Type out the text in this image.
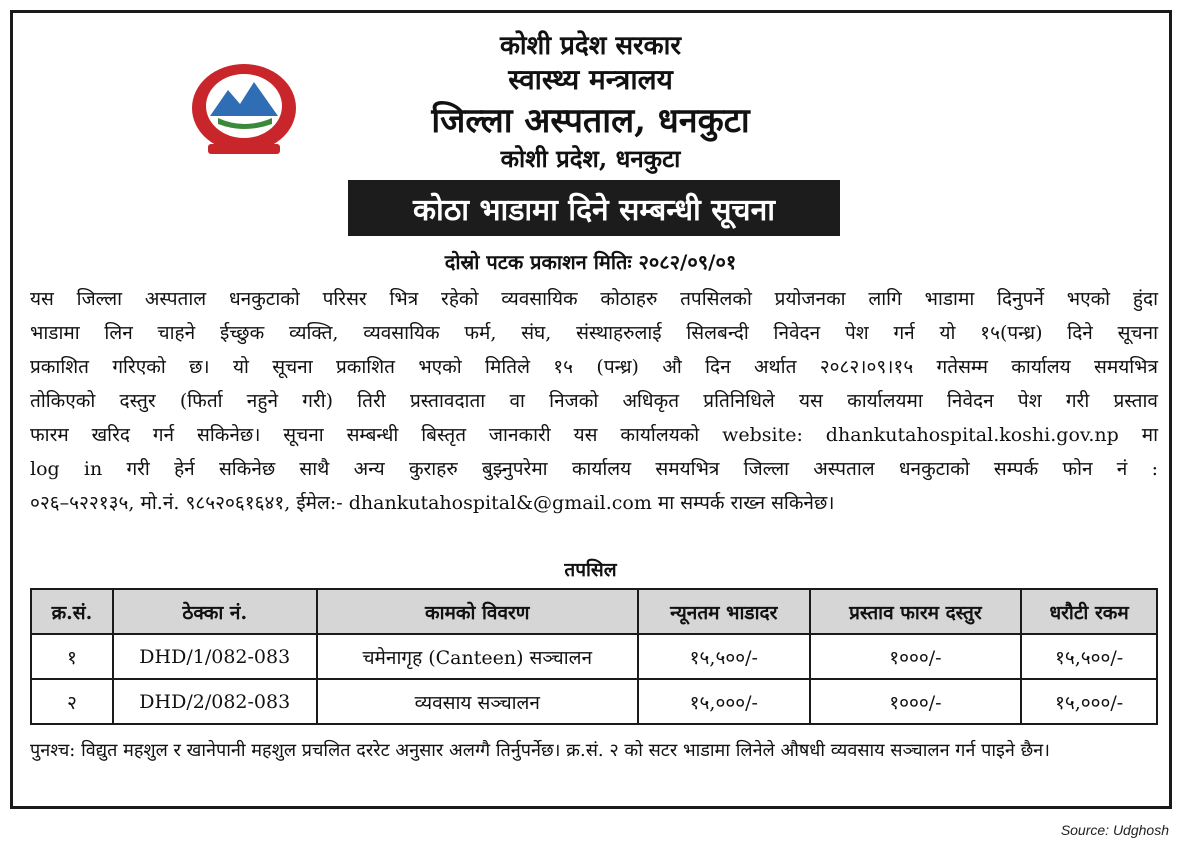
कोशी प्रदेश सरकार
स्वास्थ्य मन्त्रालय
जिल्ला अस्पताल, धनकुटा
कोशी प्रदेश, धनकुटा
कोठा भाडामा दिने सम्बन्धी सूचना
दोस्रो पटक प्रकाशन मितिः २०८२/०९/०१
यस जिल्ला अस्पताल धनकुटाको परिसर भित्र रहेको व्यवसायिक कोठाहरु तपसिलको प्रयोजनका लागि भाडामा दिनुपर्ने भएको हुंदा
भाडामा लिन चाहने ईच्छुक व्यक्ति, व्यवसायिक फर्म, संघ, संस्थाहरुलाई सिलबन्दी निवेदन पेश गर्न यो १५(पन्ध्र) दिने सूचना
प्रकाशित गरिएको छ। यो सूचना प्रकाशित भएको मितिले १५ (पन्ध्र) औ दिन अर्थात २०८२।०९।१५ गतेसम्म कार्यालय समयभित्र
तोकिएको दस्तुर (फिर्ता नहुने गरी) तिरी प्रस्तावदाता वा निजको अधिकृत प्रतिनिधिले यस कार्यालयमा निवेदन पेश गरी प्रस्ताव
फारम खरिद गर्न सकिनेछ। सूचना सम्बन्धी बिस्तृत जानकारी यस कार्यालयको website: dhankutahospital.koshi.gov.np मा
log in गरी हेर्न सकिनेछ साथै अन्य कुराहरु बुझ्नुपरेमा कार्यालय समयभित्र जिल्ला अस्पताल धनकुटाको सम्पर्क फोन नं :
०२६–५२२१३५, मो.नं. ९८५२०६१६४१, ईमेल:- dhankutahospital&@gmail.com मा सम्पर्क राख्न सकिनेछ।
तपसिल
क्र.सं.	ठेक्का नं.	कामको विवरण	न्यूनतम भाडादर	प्रस्ताव फारम दस्तुर	धरौटी रकम
१	DHD/1/082-083	चमेनागृह (Canteen) सञ्चालन	१५,५००/-	१०००/-	१५,५००/-
२	DHD/2/082-083	व्यवसाय सञ्चालन	१५,०००/-	१०००/-	१५,०००/-
पुनश्च: विद्युत महशुल र खानेपानी महशुल प्रचलित दररेट अनुसार अलग्गै तिर्नुपर्नेछ। क्र.सं. २ को सटर भाडामा लिनेले औषधी व्यवसाय सञ्चालन गर्न पाइने छैन।
Source: Udghosh
